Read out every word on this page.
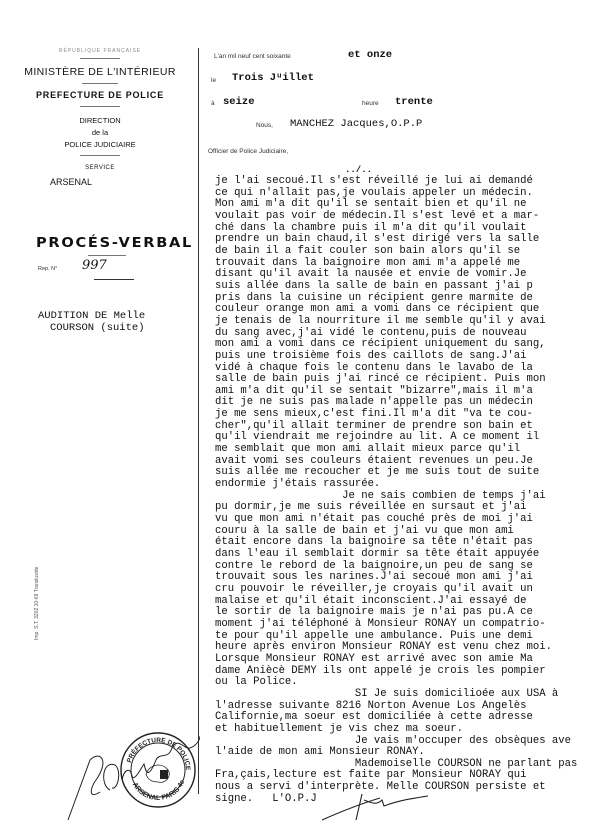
RÉPUBLIQUE FRANÇAISE
MINISTÈRE DE L'INTÉRIEUR
PREFECTURE DE POLICE
DIRECTION
de la
POLICE JUDICIAIRE
SERVICE
ARSENAL
PROCÉS-VERBAL
Rep. N° 997
AUDITION DE Melle
COURSON (suite)
Imp. S.T. 3202 10-69 Transluside
PRÉFECTURE DE POLICE
ARSENAL PARIS 4e
L'an mil neuf cent soixante	et onze
le Trois Jᵘillet
à seize	heure trente
Nous, MANCHEZ Jacques,O.P.P
Officier de Police Judiciaire,
../..
je l'ai secoué.Il s'est réveillé je lui ai demandé
ce qui n'allait pas,je voulais appeler un médecin.
Mon ami m'a dit qu'il se sentait bien et qu'il ne
voulait pas voir de médecin.Il s'est levé et a mar-
ché dans la chambre puis il m'a dit qu'il voulait
prendre un bain chaud,il s'est dirigé vers la salle
de bain il a fait couler son bain alors qu'il se
trouvait dans la baignoire mon ami m'a appelé me
disant qu'il avait la nausée et envie de vomir.Je
suis allée dans la salle de bain en passant j'ai p
pris dans la cuisine un récipient genre marmite de
couleur orange mon ami a vomi dans ce récipient que
je tenais de la nourriture il me semble qu'il y avai
du sang avec,j'ai vidé le contenu,puis de nouveau
mon ami a vomi dans ce récipient uniquement du sang,
puis une troisième fois des caillots de sang.J'ai
vidé à chaque fois le contenu dans le lavabo de la
salle de bain puis j'ai rincé ce récipient. Puis mon
ami m'a dit qu'il se sentait "bizarre",mais il m'a
dit je ne suis pas malade n'appelle pas un médecin
je me sens mieux,c'est fini.Il m'a dit "va te cou-
cher",qu'il allait terminer de prendre son bain et
qu'il viendrait me rejoindre au lit. A ce moment il
me semblait que mon ami allait mieux parce qu'il
avait vomi ses couleurs étaient revenues un peu.Je
suis allée me recoucher et je me suis tout de suite
endormie j'étais rassurée.
Je ne sais combien de temps j'ai
pu dormir,je me suis réveillée en sursaut et j'ai
vu que mon ami n'était pas couché près de moi j'ai
couru à la salle de bain et j'ai vu que mon ami
était encore dans la baignoire sa tête n'était pas
dans l'eau il semblait dormir sa tête était appuyée
contre le rebord de la baignoire,un peu de sang se
trouvait sous les narines.J'ai secoué mon ami j'ai
cru pouvoir le réveiller,je croyais qu'il avait un
malaise et qu'il était inconscient.J'ai essayé de
le sortir de la baignoire mais je n'ai pas pu.A ce
moment j'ai téléphoné à Monsieur RONAY un compatrio-
te pour qu'il appelle une ambulance. Puis une demi
heure après environ Monsieur RONAY est venu chez moi.
Lorsque Monsieur RONAY est arrivé avec son amie Ma
dame Aniècè DEMY ils ont appelé je crois les pompier
ou la Police.
SI Je suis domicilioée aux USA à
l'adresse suivante 8216 Norton Avenue Los Angelès
Californie,ma soeur est domiciliée à cette adresse
et habituellement je vis chez ma soeur.
Je vais m'occuper des obsèques ave
l'aide de mon ami Monsieur RONAY.
Mademoiselle COURSON ne parlant pas
Fra,çais,lecture est faite par Monsieur NORAY qui
nous a servi d'interprète. Melle COURSON persiste et
signe.   L'O.P.J
